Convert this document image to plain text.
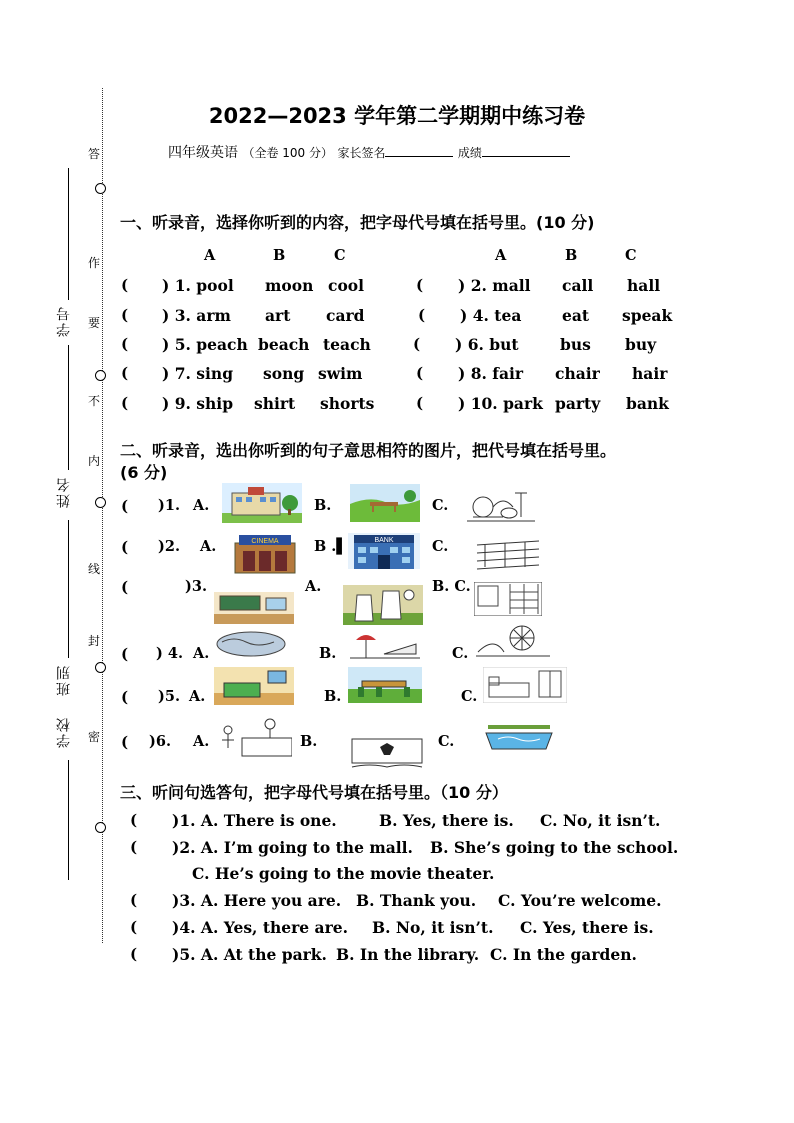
答
作
要
不
内
线
封
密
学号
姓名
班别
学校
2022—2023 学年第二学期期中练习卷
四年级英语 （全卷 100 分） 家长签名	成绩
一、听录音，选择你听到的内容，把字母代号填在括号里。(10 分)
A	B	C	A	B	C
( ) 1. pool moon cool	( ) 2. mall call hall
( ) 3. arm art card	( ) 4. tea	eat speak
( ) 5. peach beach teach	( ) 6. but	bus buy
( ) 7. sing song swim	( ) 8. fair chair hair
( ) 9. ship shirt shorts	( ) 10. park party bank
二、听录音，选出你听到的句子意思相符的图片，把代号填在括号里。
(6 分)
( )1. A.	B.	C.
( )2. A.	CINEMA B .▌	BANK	C.
(	)3.	A.	B. C.
( ) 4. A.	B.	C.
( )5. A.	B.	C.
( )6. A.	B.	C.
三、听问句选答句，把字母代号填在括号里。（10 分）
( )1. A. There is one.	B. Yes, there is. C. No, it isn’t.
( )2. A. I’m going to the mall. B. She’s going to the school.
C. He’s going to the movie theater.
( )3. A. Here you are. B. Thank you. C. You’re welcome.
( )4. A. Yes, there are. B. No, it isn’t. C. Yes, there is.
( )5. A. At the park. B. In the library. C. In the garden.
